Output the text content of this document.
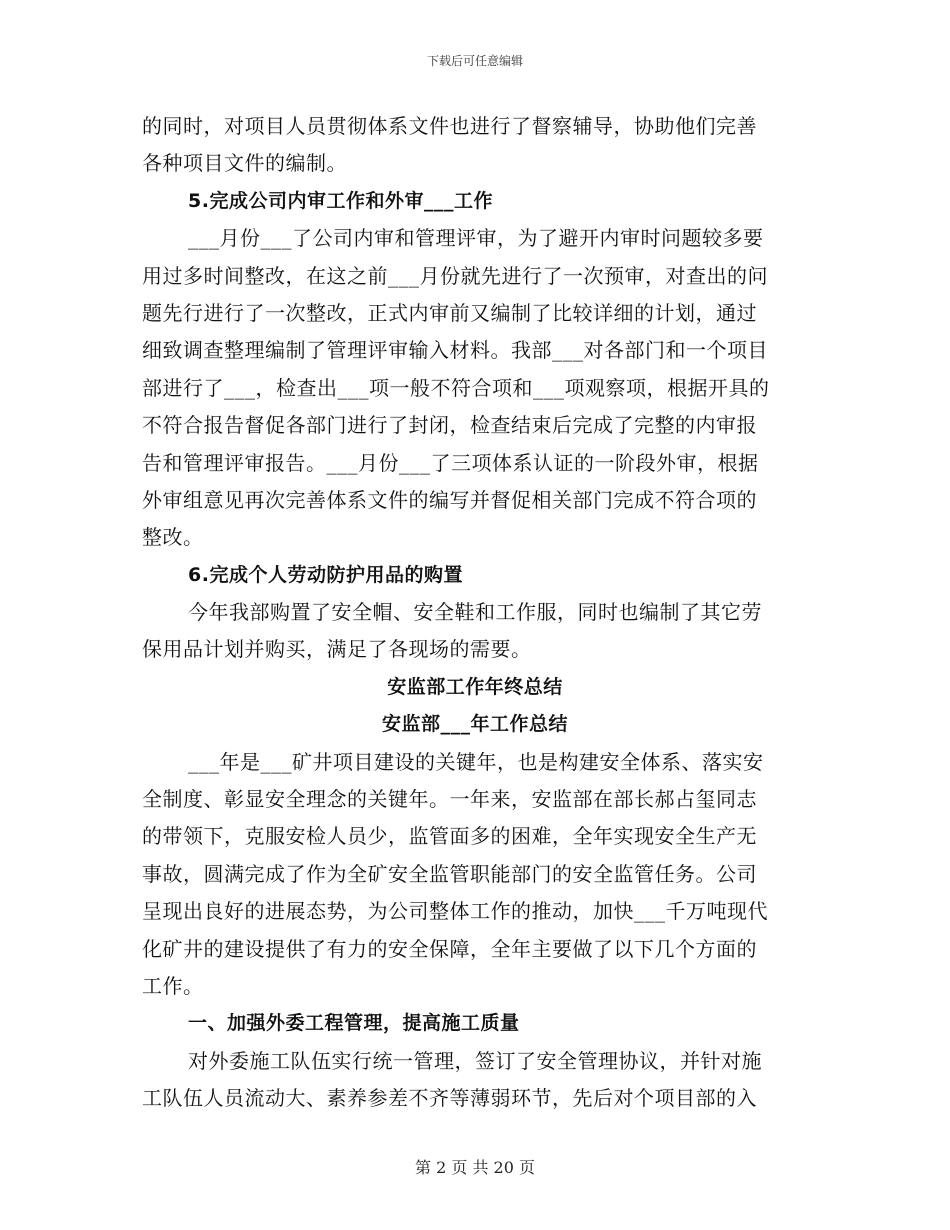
下载后可任意编辑
的同时，对项目人员贯彻体系文件也进行了督察辅导，协助他们完善
各种项目文件的编制。
5.完成公司内审工作和外审___工作
___月份___了公司内审和管理评审，为了避开内审时问题较多要
用过多时间整改，在这之前___月份就先进行了一次预审，对查出的问
题先行进行了一次整改，正式内审前又编制了比较详细的计划，通过
细致调查整理编制了管理评审输入材料。我部___对各部门和一个项目
部进行了___，检查出___项一般不符合项和___项观察项，根据开具的
不符合报告督促各部门进行了封闭，检查结束后完成了完整的内审报
告和管理评审报告。___月份___了三项体系认证的一阶段外审，根据
外审组意见再次完善体系文件的编写并督促相关部门完成不符合项的
整改。
6.完成个人劳动防护用品的购置
今年我部购置了安全帽、安全鞋和工作服，同时也编制了其它劳
保用品计划并购买，满足了各现场的需要。
安监部工作年终总结
安监部___年工作总结
___年是___矿井项目建设的关键年，也是构建安全体系、落实安
全制度、彰显安全理念的关键年。一年来，安监部在部长郝占玺同志
的带领下，克服安检人员少，监管面多的困难，全年实现安全生产无
事故，圆满完成了作为全矿安全监管职能部门的安全监管任务。公司
呈现出良好的进展态势，为公司整体工作的推动，加快___千万吨现代
化矿井的建设提供了有力的安全保障，全年主要做了以下几个方面的
工作。
一、加强外委工程管理，提高施工质量
对外委施工队伍实行统一管理，签订了安全管理协议，并针对施
工队伍人员流动大、素养参差不齐等薄弱环节，先后对个项目部的入
第 2 页 共 20 页
